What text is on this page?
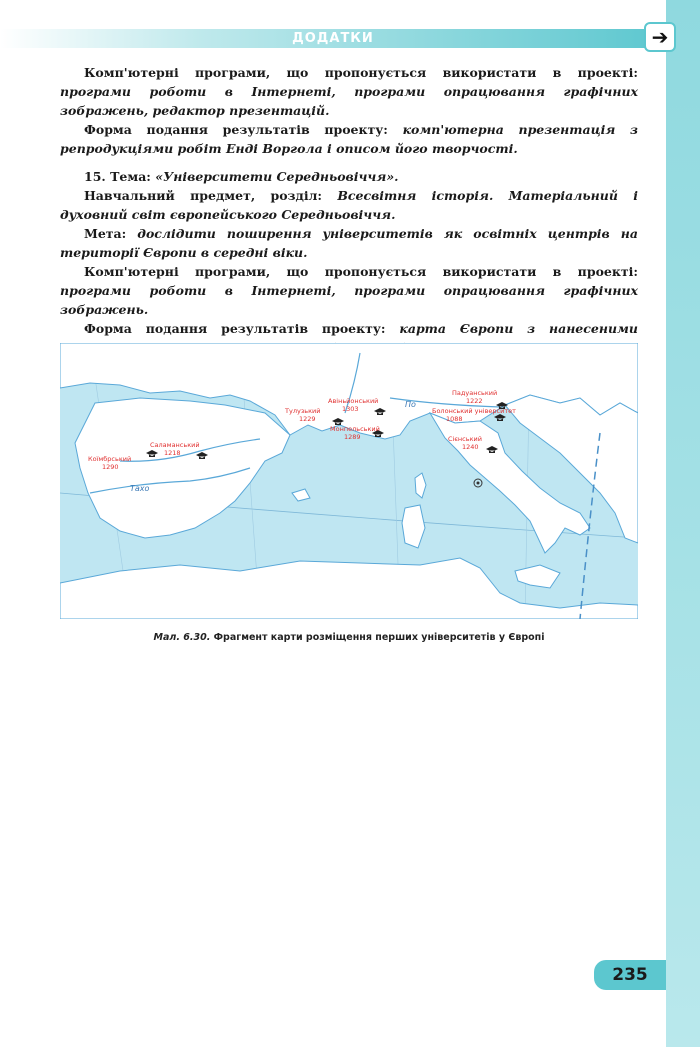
ДОДАТКИ	➔

Комп'ютерні програми, що пропонується використати в проекті: програми роботи в Інтернеті, програми опрацювання графічних зображень, редактор презентацій.

Форма подання результатів проекту: комп'ютерна презентація з репродукціями робіт Енді Воргола і описом його творчості.

15. Тема: «Університети Середньовіччя».

Навчальний предмет, розділ: Всесвітня історія. Матеріальний і духовний світ європейського Середньовіччя.

Мета: дослідити поширення університетів як освітніх центрів на території Європи в середні віки.

Комп'ютерні програми, що пропонується використати в проекті: програми роботи в Інтернеті, програми опрацювання графічних зображень.

Форма подання результатів проекту: карта Європи з нанесеними

По
Тахо
Коїмбрський
1290
Саламанський
1218
Тулузький
1229
Авіньйонський
1303
Монпельський
1289
Падуанський
1222
Болонський університет
1088
Сієнський
1240
Мал. 6.30. Фрагмент карти розміщення перших університетів у Європі
235
